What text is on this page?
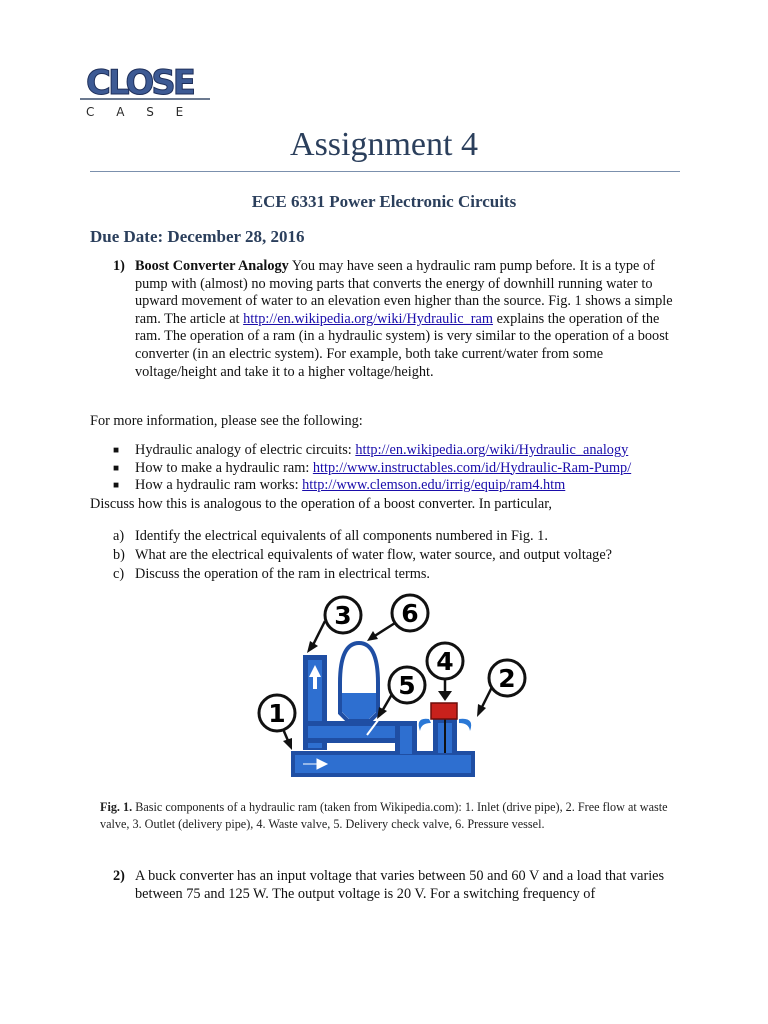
CLOSE
C A S E
Assignment 4
ECE 6331 Power Electronic Circuits
Due Date: December 28, 2016
1) Boost Converter Analogy You may have seen a hydraulic ram pump before. It is a type of pump with (almost) no moving parts that converts the energy of downhill running water to upward movement of water to an elevation even higher than the source. Fig. 1 shows a simple ram. The article at http://en.wikipedia.org/wiki/Hydraulic_ram explains the operation of the ram. The operation of a ram (in a hydraulic system) is very similar to the operation of a boost converter (in an electric system). For example, both take current/water from some voltage/height and take it to a higher voltage/height.
For more information, please see the following:
■ Hydraulic analogy of electric circuits: http://en.wikipedia.org/wiki/Hydraulic_analogy
■ How to make a hydraulic ram: http://www.instructables.com/id/Hydraulic-Ram-Pump/
■ How a hydraulic ram works: http://www.clemson.edu/irrig/equip/ram4.htm
Discuss how this is analogous to the operation of a boost converter. In particular,
a) Identify the electrical equivalents of all components numbered in Fig. 1.
b) What are the electrical equivalents of water flow, water source, and output voltage?
c) Discuss the operation of the ram in electrical terms.
3 6
4
5	2
1
Fig. 1. Basic components of a hydraulic ram (taken from Wikipedia.com): 1. Inlet (drive pipe), 2. Free flow at waste valve, 3. Outlet (delivery pipe), 4. Waste valve, 5. Delivery check valve, 6. Pressure vessel.
2) A buck converter has an input voltage that varies between 50 and 60 V and a load that varies between 75 and 125 W. The output voltage is 20 V. For a switching frequency of
